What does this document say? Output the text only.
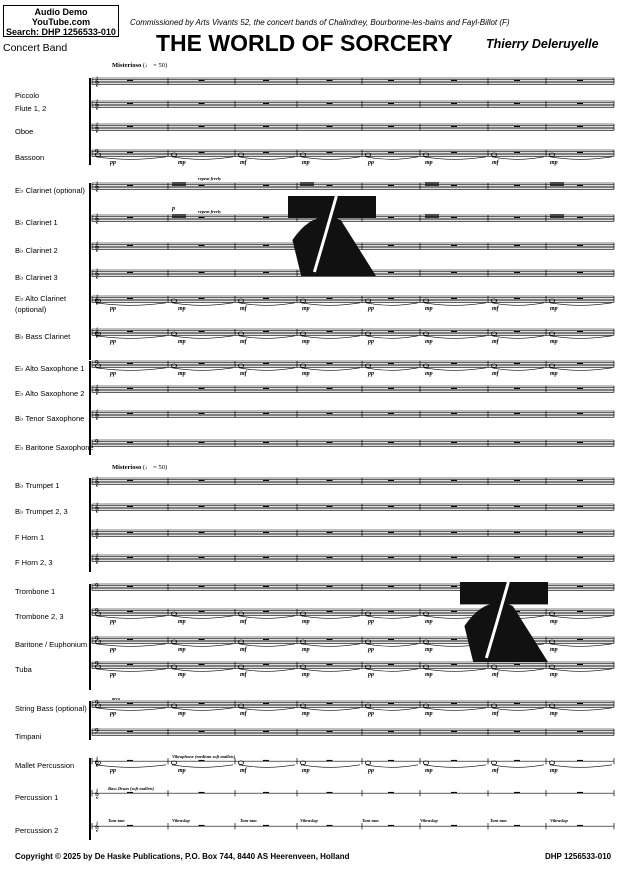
Audio Demo
YouTube.com
Search: DHP 1256533-010
Commissioned by Arts Vivants 52, the concert bands of Chalindrey, Bourbonne-les-bains and Fayl-Billot (F)
THE WORLD OF SORCERY	Thierry Deleruyelle
Concert Band
Misterioso (♩ = 50)
Misterioso (♩ = 50)
Piccolo
Flute 1, 2
Oboe
Bassoon
E♭ Clarinet (optional)
B♭ Clarinet 1
B♭ Clarinet 2
B♭ Clarinet 3
E♭ Alto Clarinet
(optional)
B♭ Bass Clarinet
E♭ Alto Saxophone 1
E♭ Alto Saxophone 2
B♭ Tenor Saxophone
E♭ Baritone Saxophone
B♭ Trumpet 1
B♭ Trumpet 2, 3
F Horn 1
F Horn 2, 3
Trombone 1
Trombone 2, 3
Baritone / Euphonium
Tuba
String Bass (optional)
Timpani
Mallet Percussion
Percussion 1
Percussion 2
𝄞
𝄞
𝄞
𝄢
𝄞
𝄞
𝄞
𝄞
𝄞
𝄞
𝄢
𝄞
𝄞
𝄢
𝄞
𝄞
𝄞
𝄞
𝄢
𝄢
𝄢
𝄢
𝄢
𝄢
𝄞
𝄞
𝄞
pp	mp	mf	mp	pp	mp	mf	mp
pp	mp	mf	mp	pp	mp	mf	mp
pp	mp	mf	mp	pp	mp	mf	mp
pp	mp	mf	mp	pp	mp	mf	mp
pp	mp	mf	mp	pp	mp	mp
pp	mp	mf	mp	pp	mp	mp
pp	mp	mf	mp	pp	mp	mf	mp
pp	mp	mf	mp	pp	mp	mf	mp
pp	mp	mf	mp	pp	mp	mf	mp
repeat freely
repeat freely
p
Vibraphone (medium soft mallets)
Bass Drum (soft mallets)
Tam-tam	Vibraslap	Tam-tam	Vibraslap	Tam-tam	Vibraslap	Tam-tam	Vibraslap
arco
Copyright © 2025 by De Haske Publications, P.O. Box 744, 8440 AS Heerenveen, Holland	DHP 1256533-010
